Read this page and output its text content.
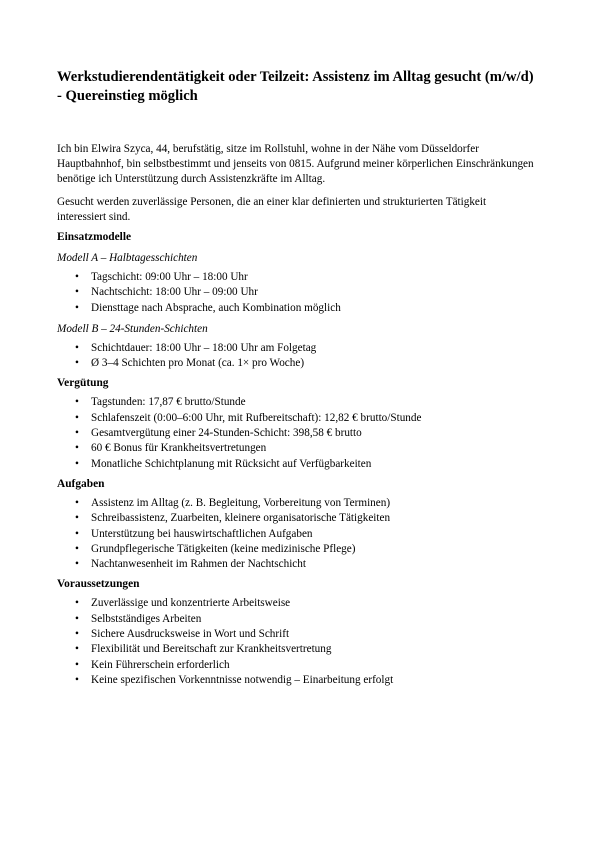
Werkstudierendentätigkeit oder Teilzeit: Assistenz im Alltag gesucht (m/w/d) - Quereinstieg möglich

Ich bin Elwira Szyca, 44, berufstätig, sitze im Rollstuhl, wohne in der Nähe vom Düsseldorfer Hauptbahnhof, bin selbstbestimmt und jenseits von 0815. Aufgrund meiner körperlichen Einschränkungen benötige ich Unterstützung durch Assistenzkräfte im Alltag.

Gesucht werden zuverlässige Personen, die an einer klar definierten und strukturierten Tätigkeit interessiert sind.

Einsatzmodelle
Modell A – Halbtagesschichten
• Tagschicht: 09:00 Uhr – 18:00 Uhr
• Nachtschicht: 18:00 Uhr – 09:00 Uhr
• Diensttage nach Absprache, auch Kombination möglich
Modell B – 24-Stunden-Schichten
• Schichtdauer: 18:00 Uhr – 18:00 Uhr am Folgetag
• Ø 3–4 Schichten pro Monat (ca. 1× pro Woche)
Vergütung
• Tagstunden: 17,87 € brutto/Stunde
• Schlafenszeit (0:00–6:00 Uhr, mit Rufbereitschaft): 12,82 € brutto/Stunde
• Gesamtvergütung einer 24-Stunden-Schicht: 398,58 € brutto
• 60 € Bonus für Krankheitsvertretungen
• Monatliche Schichtplanung mit Rücksicht auf Verfügbarkeiten
Aufgaben
• Assistenz im Alltag (z. B. Begleitung, Vorbereitung von Terminen)
• Schreibassistenz, Zuarbeiten, kleinere organisatorische Tätigkeiten
• Unterstützung bei hauswirtschaftlichen Aufgaben
• Grundpflegerische Tätigkeiten (keine medizinische Pflege)
• Nachtanwesenheit im Rahmen der Nachtschicht
Voraussetzungen
• Zuverlässige und konzentrierte Arbeitsweise
• Selbstständiges Arbeiten
• Sichere Ausdrucksweise in Wort und Schrift
• Flexibilität und Bereitschaft zur Krankheitsvertretung
• Kein Führerschein erforderlich
• Keine spezifischen Vorkenntnisse notwendig – Einarbeitung erfolgt
